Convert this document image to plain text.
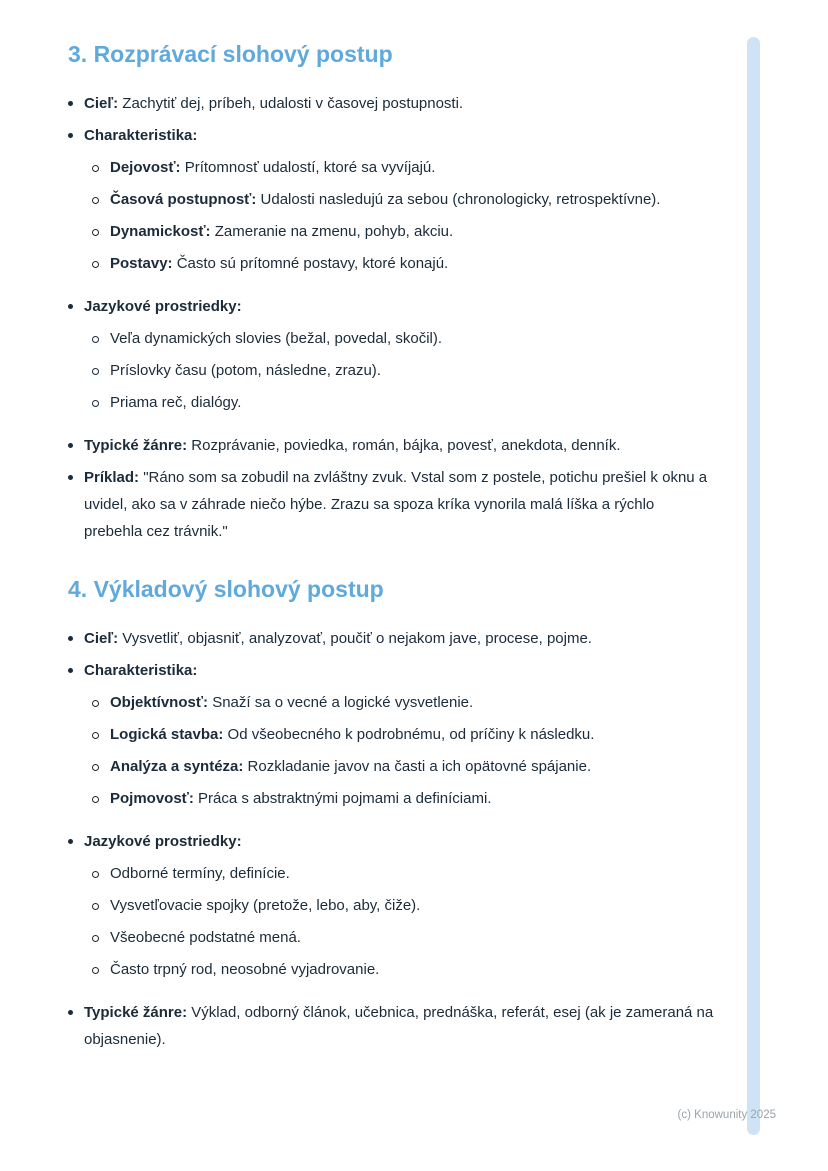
3. Rozprávací slohový postup
Cieľ: Zachytiť dej, príbeh, udalosti v časovej postupnosti.
Charakteristika:
Dejovosť: Prítomnosť udalostí, ktoré sa vyvíjajú.
Časová postupnosť: Udalosti nasledujú za sebou (chronologicky, retrospektívne).
Dynamickosť: Zameranie na zmenu, pohyb, akciu.
Postavy: Často sú prítomné postavy, ktoré konajú.
Jazykové prostriedky:
Veľa dynamických slovies (bežal, povedal, skočil).
Príslovky času (potom, následne, zrazu).
Priama reč, dialógy.
Typické žánre: Rozprávanie, poviedka, román, bájka, povesť, anekdota, denník.
Príklad: "Ráno som sa zobudil na zvláštny zvuk. Vstal som z postele, potichu prešiel k oknu a uvidel, ako sa v záhrade niečo hýbe. Zrazu sa spoza kríka vynorila malá líška a rýchlo prebehla cez trávnik."
4. Výkladový slohový postup
Cieľ: Vysvetliť, objasniť, analyzovať, poučiť o nejakom jave, procese, pojme.
Charakteristika:
Objektívnosť: Snaží sa o vecné a logické vysvetlenie.
Logická stavba: Od všeobecného k podrobnému, od príčiny k následku.
Analýza a syntéza: Rozkladanie javov na časti a ich opätovné spájanie.
Pojmovosť: Práca s abstraktnými pojmami a definíciami.
Jazykové prostriedky:
Odborné termíny, definície.
Vysvetľovacie spojky (pretože, lebo, aby, čiže).
Všeobecné podstatné mená.
Často trpný rod, neosobné vyjadrovanie.
Typické žánre: Výklad, odborný článok, učebnica, prednáška, referát, esej (ak je zameraná na objasnenie).
(c) Knowunity 2025
